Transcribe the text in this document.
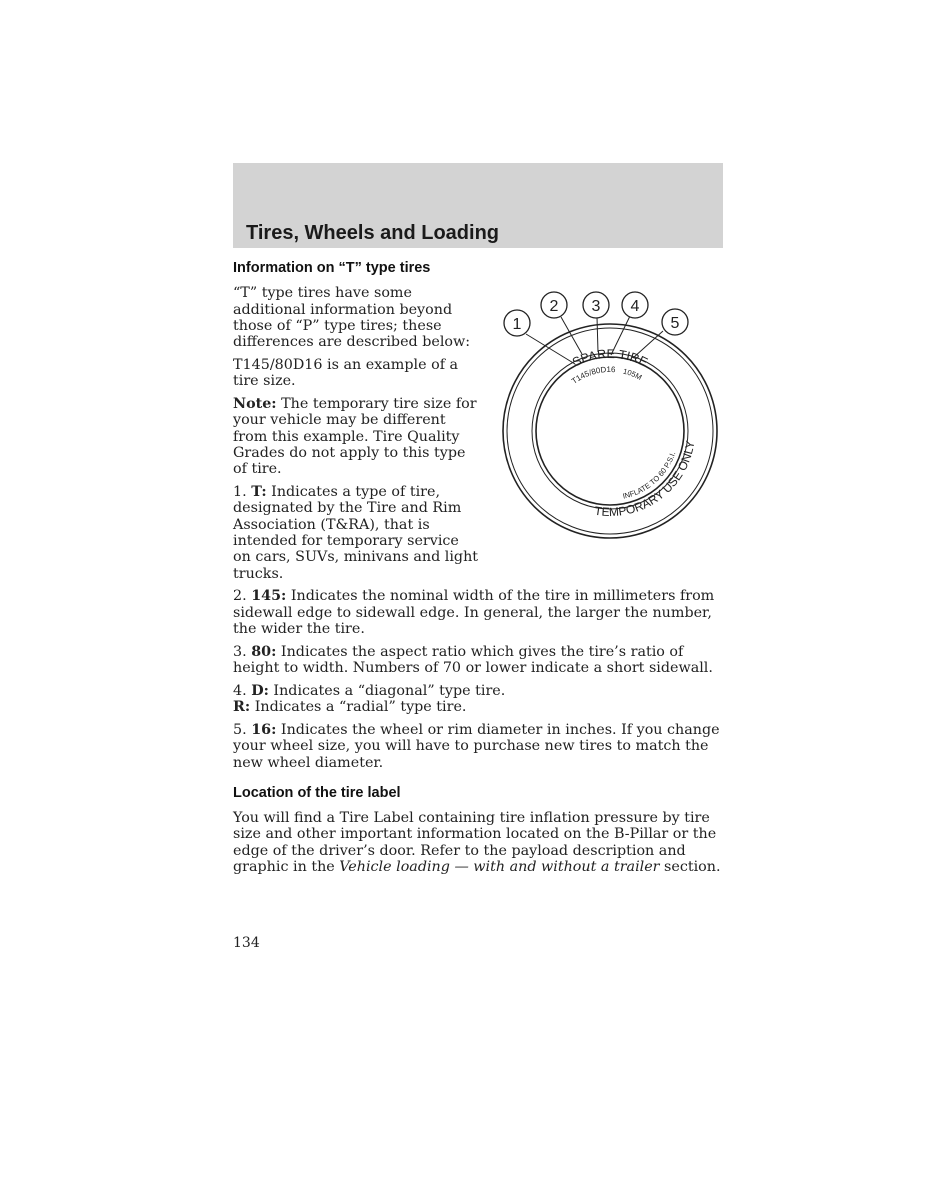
Tires, Wheels and Loading
1
2 3 4
5
SPARE TIRE
T145/80D16 105M
TEMPORARY USE ONLY
INFLATE TO 60 P.S.I.
Information on “T” type tires

“T” type tires have some additional information beyond those of “P” type tires; these differences are described below:

T145/80D16 is an example of a tire size.

Note: The temporary tire size for your vehicle may be different from this example. Tire Quality Grades do not apply to this type of tire.

1. T: Indicates a type of tire, designated by the Tire and Rim Association (T&RA), that is intended for temporary service on cars, SUVs, minivans and light trucks.

2. 145: Indicates the nominal width of the tire in millimeters from sidewall edge to sidewall edge. In general, the larger the number, the wider the tire.

3. 80: Indicates the aspect ratio which gives the tire’s ratio of height to width. Numbers of 70 or lower indicate a short sidewall.

4. D: Indicates a “diagonal” type tire.
R: Indicates a “radial” type tire.

5. 16: Indicates the wheel or rim diameter in inches. If you change your wheel size, you will have to purchase new tires to match the new wheel diameter.

Location of the tire label

You will find a Tire Label containing tire inflation pressure by tire size and other important information located on the B-Pillar or the edge of the driver’s door. Refer to the payload description and graphic in the Vehicle loading — with and without a trailer section.

134
